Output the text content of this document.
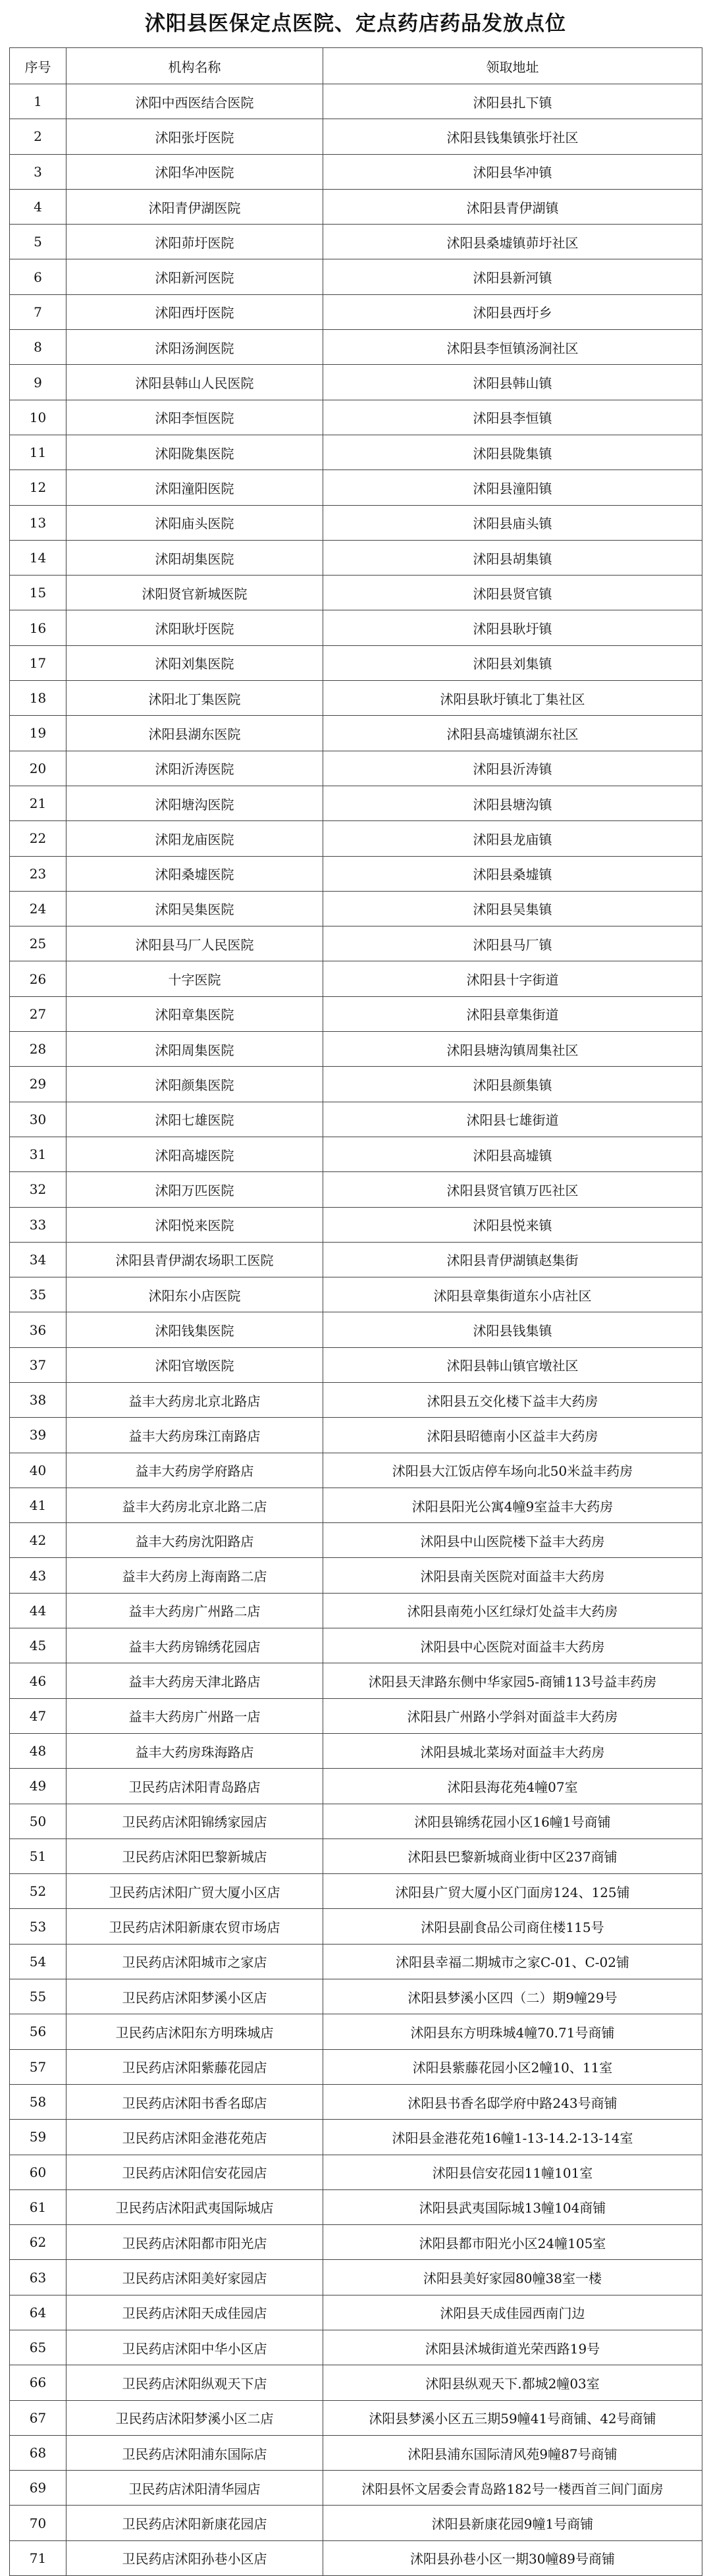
沭阳县医保定点医院、定点药店药品发放点位
序号	机构名称	领取地址
1	沭阳中西医结合医院	沭阳县扎下镇
2	沭阳张圩医院	沭阳县钱集镇张圩社区
3	沭阳华冲医院	沭阳县华冲镇
4	沭阳青伊湖医院	沭阳县青伊湖镇
5	沭阳茆圩医院	沭阳县桑墟镇茆圩社区
6	沭阳新河医院	沭阳县新河镇
7	沭阳西圩医院	沭阳县西圩乡
8	沭阳汤涧医院	沭阳县李恒镇汤涧社区
9	沭阳县韩山人民医院	沭阳县韩山镇
10	沭阳李恒医院	沭阳县李恒镇
11	沭阳陇集医院	沭阳县陇集镇
12	沭阳潼阳医院	沭阳县潼阳镇
13	沭阳庙头医院	沭阳县庙头镇
14	沭阳胡集医院	沭阳县胡集镇
15	沭阳贤官新城医院	沭阳县贤官镇
16	沭阳耿圩医院	沭阳县耿圩镇
17	沭阳刘集医院	沭阳县刘集镇
18	沭阳北丁集医院	沭阳县耿圩镇北丁集社区
19	沭阳县湖东医院	沭阳县高墟镇湖东社区
20	沭阳沂涛医院	沭阳县沂涛镇
21	沭阳塘沟医院	沭阳县塘沟镇
22	沭阳龙庙医院	沭阳县龙庙镇
23	沭阳桑墟医院	沭阳县桑墟镇
24	沭阳吴集医院	沭阳县吴集镇
25	沭阳县马厂人民医院	沭阳县马厂镇
26	十字医院	沭阳县十字街道
27	沭阳章集医院	沭阳县章集街道
28	沭阳周集医院	沭阳县塘沟镇周集社区
29	沭阳颜集医院	沭阳县颜集镇
30	沭阳七雄医院	沭阳县七雄街道
31	沭阳高墟医院	沭阳县高墟镇
32	沭阳万匹医院	沭阳县贤官镇万匹社区
33	沭阳悦来医院	沭阳县悦来镇
34	沭阳县青伊湖农场职工医院	沭阳县青伊湖镇赵集街
35	沭阳东小店医院	沭阳县章集街道东小店社区
36	沭阳钱集医院	沭阳县钱集镇
37	沭阳官墩医院	沭阳县韩山镇官墩社区
38	益丰大药房北京北路店	沭阳县五交化楼下益丰大药房
39	益丰大药房珠江南路店	沭阳县昭德南小区益丰大药房
40	益丰大药房学府路店	沭阳县大江饭店停车场向北50米益丰药房
41	益丰大药房北京北路二店	沭阳县阳光公寓4幢9室益丰大药房
42	益丰大药房沈阳路店	沭阳县中山医院楼下益丰大药房
43	益丰大药房上海南路二店	沭阳县南关医院对面益丰大药房
44	益丰大药房广州路二店	沭阳县南苑小区红绿灯处益丰大药房
45	益丰大药房锦绣花园店	沭阳县中心医院对面益丰大药房
46	益丰大药房天津北路店	沭阳县天津路东侧中华家园5-商铺113号益丰药房
47	益丰大药房广州路一店	沭阳县广州路小学斜对面益丰大药房
48	益丰大药房珠海路店	沭阳县城北菜场对面益丰大药房
49	卫民药店沭阳青岛路店	沭阳县海花苑4幢07室
50	卫民药店沭阳锦绣家园店	沭阳县锦绣花园小区16幢1号商铺
51	卫民药店沭阳巴黎新城店	沭阳县巴黎新城商业街中区237商铺
52	卫民药店沭阳广贸大厦小区店	沭阳县广贸大厦小区门面房124、125铺
53	卫民药店沭阳新康农贸市场店	沭阳县副食品公司商住楼115号
54	卫民药店沭阳城市之家店	沭阳县幸福二期城市之家C-01、C-02铺
55	卫民药店沭阳梦溪小区店	沭阳县梦溪小区四（二）期9幢29号
56	卫民药店沭阳东方明珠城店	沭阳县东方明珠城4幢70.71号商铺
57	卫民药店沭阳紫藤花园店	沭阳县紫藤花园小区2幢10、11室
58	卫民药店沭阳书香名邸店	沭阳县书香名邸学府中路243号商铺
59	卫民药店沭阳金港花苑店	沭阳县金港花苑16幢1-13-14.2-13-14室
60	卫民药店沭阳信安花园店	沭阳县信安花园11幢101室
61	卫民药店沭阳武夷国际城店	沭阳县武夷国际城13幢104商铺
62	卫民药店沭阳都市阳光店	沭阳县都市阳光小区24幢105室
63	卫民药店沭阳美好家园店	沭阳县美好家园80幢38室一楼
64	卫民药店沭阳天成佳园店	沭阳县天成佳园西南门边
65	卫民药店沭阳中华小区店	沭阳县沭城街道光荣西路19号
66	卫民药店沭阳纵观天下店	沭阳县纵观天下.都城2幢03室
67	卫民药店沭阳梦溪小区二店	沭阳县梦溪小区五三期59幢41号商铺、42号商铺
68	卫民药店沭阳浦东国际店	沭阳县浦东国际清风苑9幢87号商铺
69	卫民药店沭阳清华园店	沭阳县怀文居委会青岛路182号一楼西首三间门面房
70	卫民药店沭阳新康花园店	沭阳县新康花园9幢1号商铺
71	卫民药店沭阳孙巷小区店	沭阳县孙巷小区一期30幢89号商铺
